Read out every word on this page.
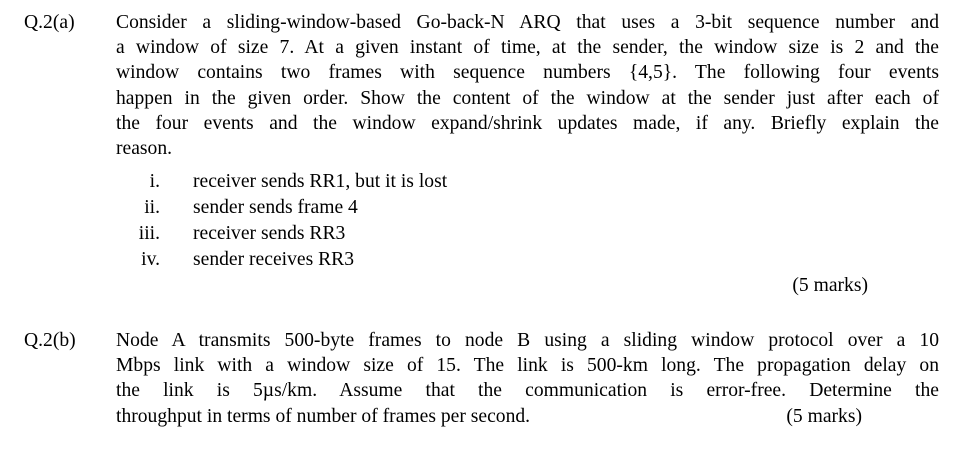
Q.2(a) Consider a sliding-window-based Go-back-N ARQ that uses a 3-bit sequence number and
a window of size 7. At a given instant of time, at the sender, the window size is 2 and the
window contains two frames with sequence numbers {4,5}. The following four events
happen in the given order. Show the content of the window at the sender just after each of
the four events and the window expand/shrink updates made, if any. Briefly explain the
reason.
i. receiver sends RR1, but it is lost
ii. sender sends frame 4
iii. receiver sends RR3
iv. sender receives RR3
(5 marks)
Q.2(b) Node A transmits 500-byte frames to node B using a sliding window protocol over a 10
Mbps link with a window size of 15. The link is 500-km long. The propagation delay on
the link is 5µs/km. Assume that the communication is error-free. Determine the
throughput in terms of number of frames per second.	(5 marks)
